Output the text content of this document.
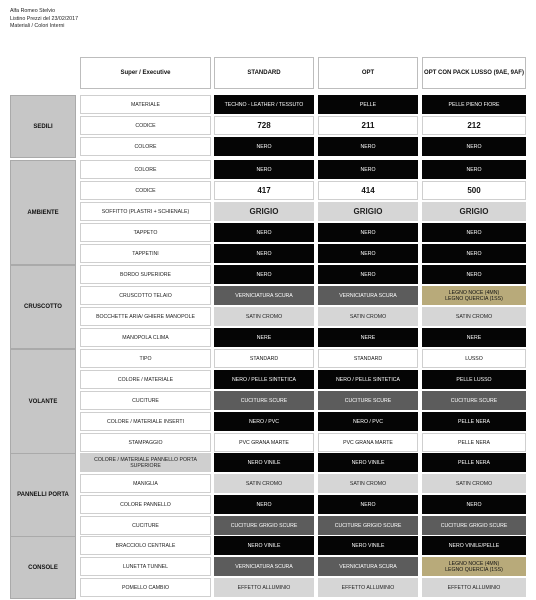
Alfa Romeo Stelvio
Listino Prezzi del 23/02/2017
Materiali / Colori Interni
Super / Executive	STANDARD	OPT	OPT CON PACK LUSSO (9AE, 9AF)
SEDILI
MATERIALE	TECHNO - LEATHER / TESSUTO	PELLE	PELLE PIENO FIORE
CODICE	728	211	212
COLORE	NERO	NERO	NERO
AMBIENTE
COLORE	NERO	NERO	NERO
CODICE	417	414	500
SOFFITTO (PLASTRI + SCHIENALE)	GRIGIO	GRIGIO	GRIGIO
TAPPETO	NERO	NERO	NERO
TAPPETINI	NERO	NERO	NERO
CRUSCOTTO
BORDO SUPERIORE	NERO	NERO	NERO
CRUSCOTTO TELAIO	VERNICIATURA SCURA	VERNICIATURA SCURA	LEGNO NOCE (4MN)
LEGNO QUERCIA (1SS)
BOCCHETTE ARIA/ GHIERE MANOPOLE	SATIN CROMO	SATIN CROMO	SATIN CROMO
MANOPOLA CLIMA	NERE	NERE	NERE
VOLANTE
TIPO	STANDARD	STANDARD	LUSSO
COLORE / MATERIALE	NERO / PELLE SINTETICA	NERO / PELLE SINTETICA	PELLE LUSSO
CUCITURE	CUCITURE SCURE	CUCITURE SCURE	CUCITURE SCURE
COLORE / MATERIALE INSERTI	NERO / PVC	NERO / PVC	PELLE NERA
STAMPAGGIO	PVC GRANA MARTE	PVC GRANA MARTE	PELLE NERA
PANNELLI PORTA
COLORE / MATERIALE PANNELLO PORTA SUPERIORE	NERO VINILE	NERO VINILE	PELLE NERA
MANIGLIA	SATIN CROMO	SATIN CROMO	SATIN CROMO
COLORE PANNELLO	NERO	NERO	NERO
CUCITURE	CUCITURE GRIGIO SCURE	CUCITURE GRIGIO SCURE	CUCITURE GRIGIO SCURE
CONSOLE
BRACCIOLO CENTRALE	NERO VINILE	NERO VINILE	NERO VINILE/PELLE
LUNETTA TUNNEL	VERNICIATURA SCURA	VERNICIATURA SCURA	LEGNO NOCE (4MN)
LEGNO QUERCIA (1SS)
POMELLO CAMBIO	EFFETTO ALLUMINIO	EFFETTO ALLUMINIO	EFFETTO ALLUMINIO
